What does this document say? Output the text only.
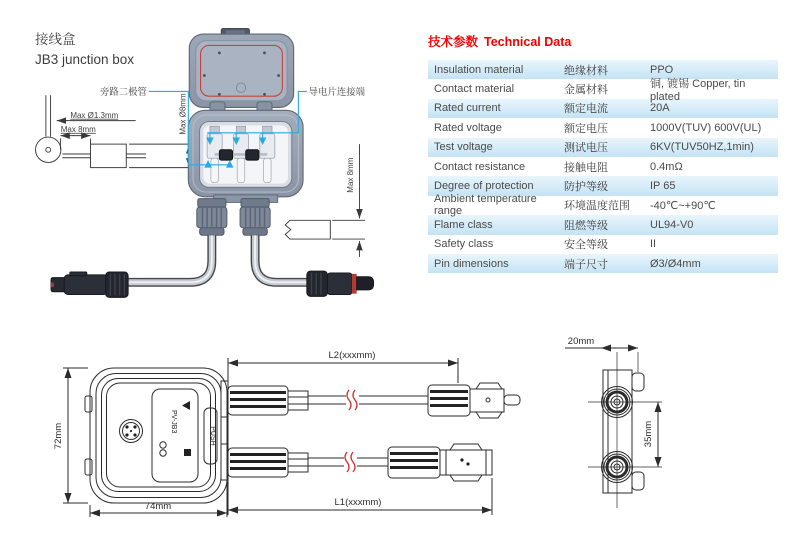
接线盒
JB3 junction box
Max Ø1.3mm
Max 8mm	Max Ø8mm
Max 8mm
旁路二极管	导电片连接端
技术参数 Technical Data
Insulation material	绝缘材料	PPO
Contact material	金属材料	铜, 镀锡 Copper, tin plated
Rated current	额定电流	20A
Rated voltage	额定电压	1000V(TUV) 600V(UL)
Test voltage	测试电压	6KV(TUV50HZ,1min)
Contact resistance	接触电阻	0.4mΩ
Degree of protection	防护等级	IP 65
Ambient temperature range	环境温度范围	-40℃~+90℃
Flame class	阻燃等级	UL94-V0
Safety class	安全等级	II
Pin dimensions	端子尺寸	Ø3/Ø4mm
PV-JB3
PUSH
72mm
74mm
L2(xxxmm)
L1(xxxmm)
20mm
35mm
